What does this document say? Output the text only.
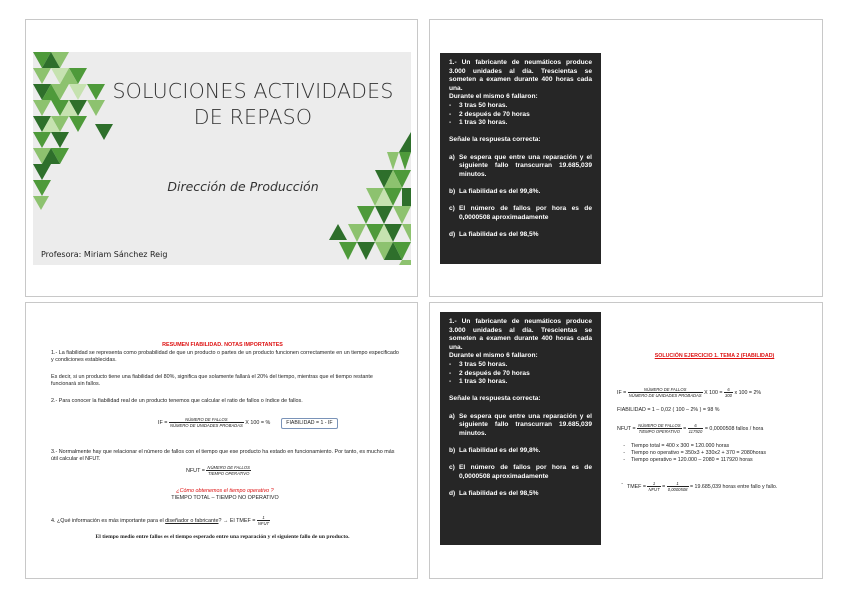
SOLUCIONES ACTIVIDADES
DE REPASO
Dirección de Producción
Profesora: Miriam Sánchez Reig
1.- Un fabricante de neumáticos produce 3.000 unidades al día. Trescientas se someten a examen durante 400 horas cada una.
Durante el mismo 6 fallaron:
-	3 tras 50 horas.
-	2 después de 70 horas
-	1 tras 30 horas.
Señale la respuesta correcta:
a) Se espera que entre una reparación y el siguiente fallo transcurran 19.685,039 minutos.
b) La fiabilidad es del 99,8%.
c) El número de fallos por hora es de 0,0000508 aproximadamente
d) La fiabilidad es del 98,5%
RESUMEN FIABILIDAD. NOTAS IMPORTANTES
1.- La fiabilidad se representa como probabilidad de que un producto o partes de un producto funcionen correctamente en un tiempo especificado y condiciones establecidas.
Es decir, si un producto tiene una fiabilidad del 80%, significa que solamente fallará el 20% del tiempo, mientras que el tiempo restante funcionará sin fallos.
2.- Para conocer la fiabilidad real de un producto tenemos que calcular el ratio de fallos o índice de fallos.
IF = $\frac{\text{NÚMERO DE FALLOS}}{\text{NÚMERO DE UNIDADES PROBADAS}}$ X 100 = %	FIABILIDAD = 1 - IF
3.- Normalmente hay que relacionar el número de fallos con el tiempo que ese producto ha estado en funcionamiento. Por tanto, es mucho más útil calcular el NFUT.
NFUT = $\frac{\text{NÚMERO DE FALLOS}}{\text{TIEMPO OPERATIVO}}$
¿Cómo obtenemos el tiempo operativo ?
TIEMPO TOTAL – TIEMPO NO OPERATIVO
4. ¿Qué información es más importante para el diseñador o fabricante? → El TMEF = $\frac{1}{\text{NFUT}}$
El tiempo medio entre fallos es el tiempo esperado entre una reparación y el siguiente fallo de un producto.
1.- Un fabricante de neumáticos produce 3.000 unidades al día. Trescientas se someten a examen durante 400 horas cada una.
Durante el mismo 6 fallaron:
-	3 tras 50 horas.
-	2 después de 70 horas
-	1 tras 30 horas.
Señale la respuesta correcta:
a) Se espera que entre una reparación y el siguiente fallo transcurran 19.685,039 minutos.
b) La fiabilidad es del 99,8%.
c) El número de fallos por hora es de 0,0000508 aproximadamente
d) La fiabilidad es del 98,5%
SOLUCIÓN EJERCICIO 1. TEMA 2 (FIABILIDAD)
IF = $\frac{\text{NÚMERO DE FALLOS}}{\text{NÚMERO DE UNIDADES PROBADAS}}$ X $100 = \frac{6}{300}$ x 100 = 2%
FIABILIDAD = 1 – 0,02 ( 100 – 2% ) = 98 %
NFUT = $\frac{\text{NÚMERO DE FALLOS}}{\text{TIEMPO OPERATIVO}} = \frac{6}{117920} = 0,0000508$ fallos / hora
-	Tiempo total = 400 x 300 = 120.000 horas
-	Tiempo no operativo = 350x3 + 330x2 + 370 = 2080horas
-	Tiempo operativo = 120.000 – 2080 = 117920 horas
- TMEF = $\frac{1}{\text{NFUT}} = \frac{1}{0,0000508} = 19.685,039$ horas entre fallo y fallo.
